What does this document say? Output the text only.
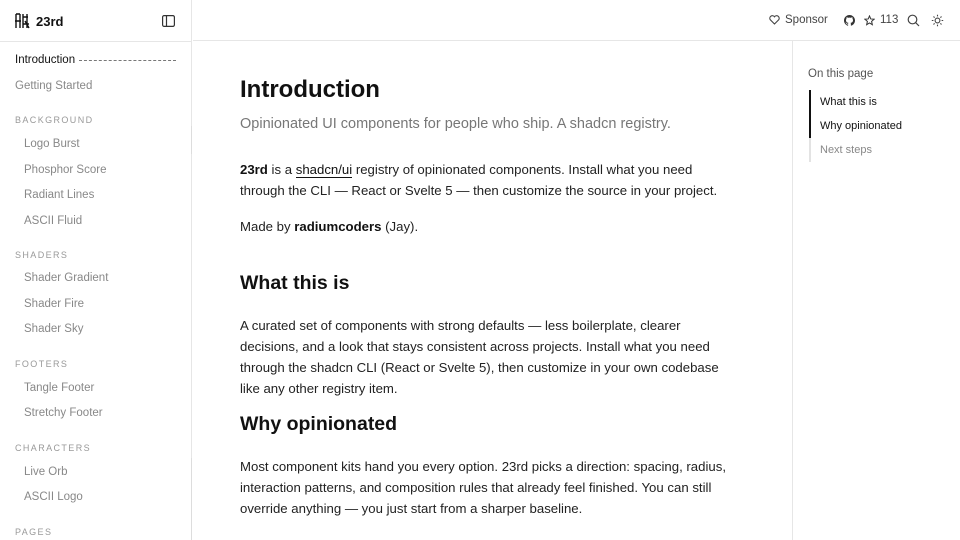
23rd
Introduction
Getting Started
BACKGROUND
Logo Burst
Phosphor Score
Radiant Lines
ASCII Fluid
SHADERS
Shader Gradient
Shader Fire
Shader Sky
FOOTERS
Tangle Footer
Stretchy Footer
CHARACTERS
Live Orb
ASCII Logo
PAGES
Sponsor	113
Introduction

Opinionated UI components for people who ship. A shadcn registry.

23rd is a shadcn/ui registry of opinionated components. Install what you need through the CLI — React or Svelte 5 — then customize the source in your project.

Made by radiumcoders (Jay).

What this is

A curated set of components with strong defaults — less boilerplate, clearer decisions, and a look that stays consistent across projects. Install what you need through the shadcn CLI (React or Svelte 5), then customize in your own codebase like any other registry item.

Why opinionated

Most component kits hand you every option. 23rd picks a direction: spacing, radius, interaction patterns, and composition rules that already feel finished. You can still override anything — you just start from a sharper baseline.

On this page
What this is
Why opinionated
Next steps
